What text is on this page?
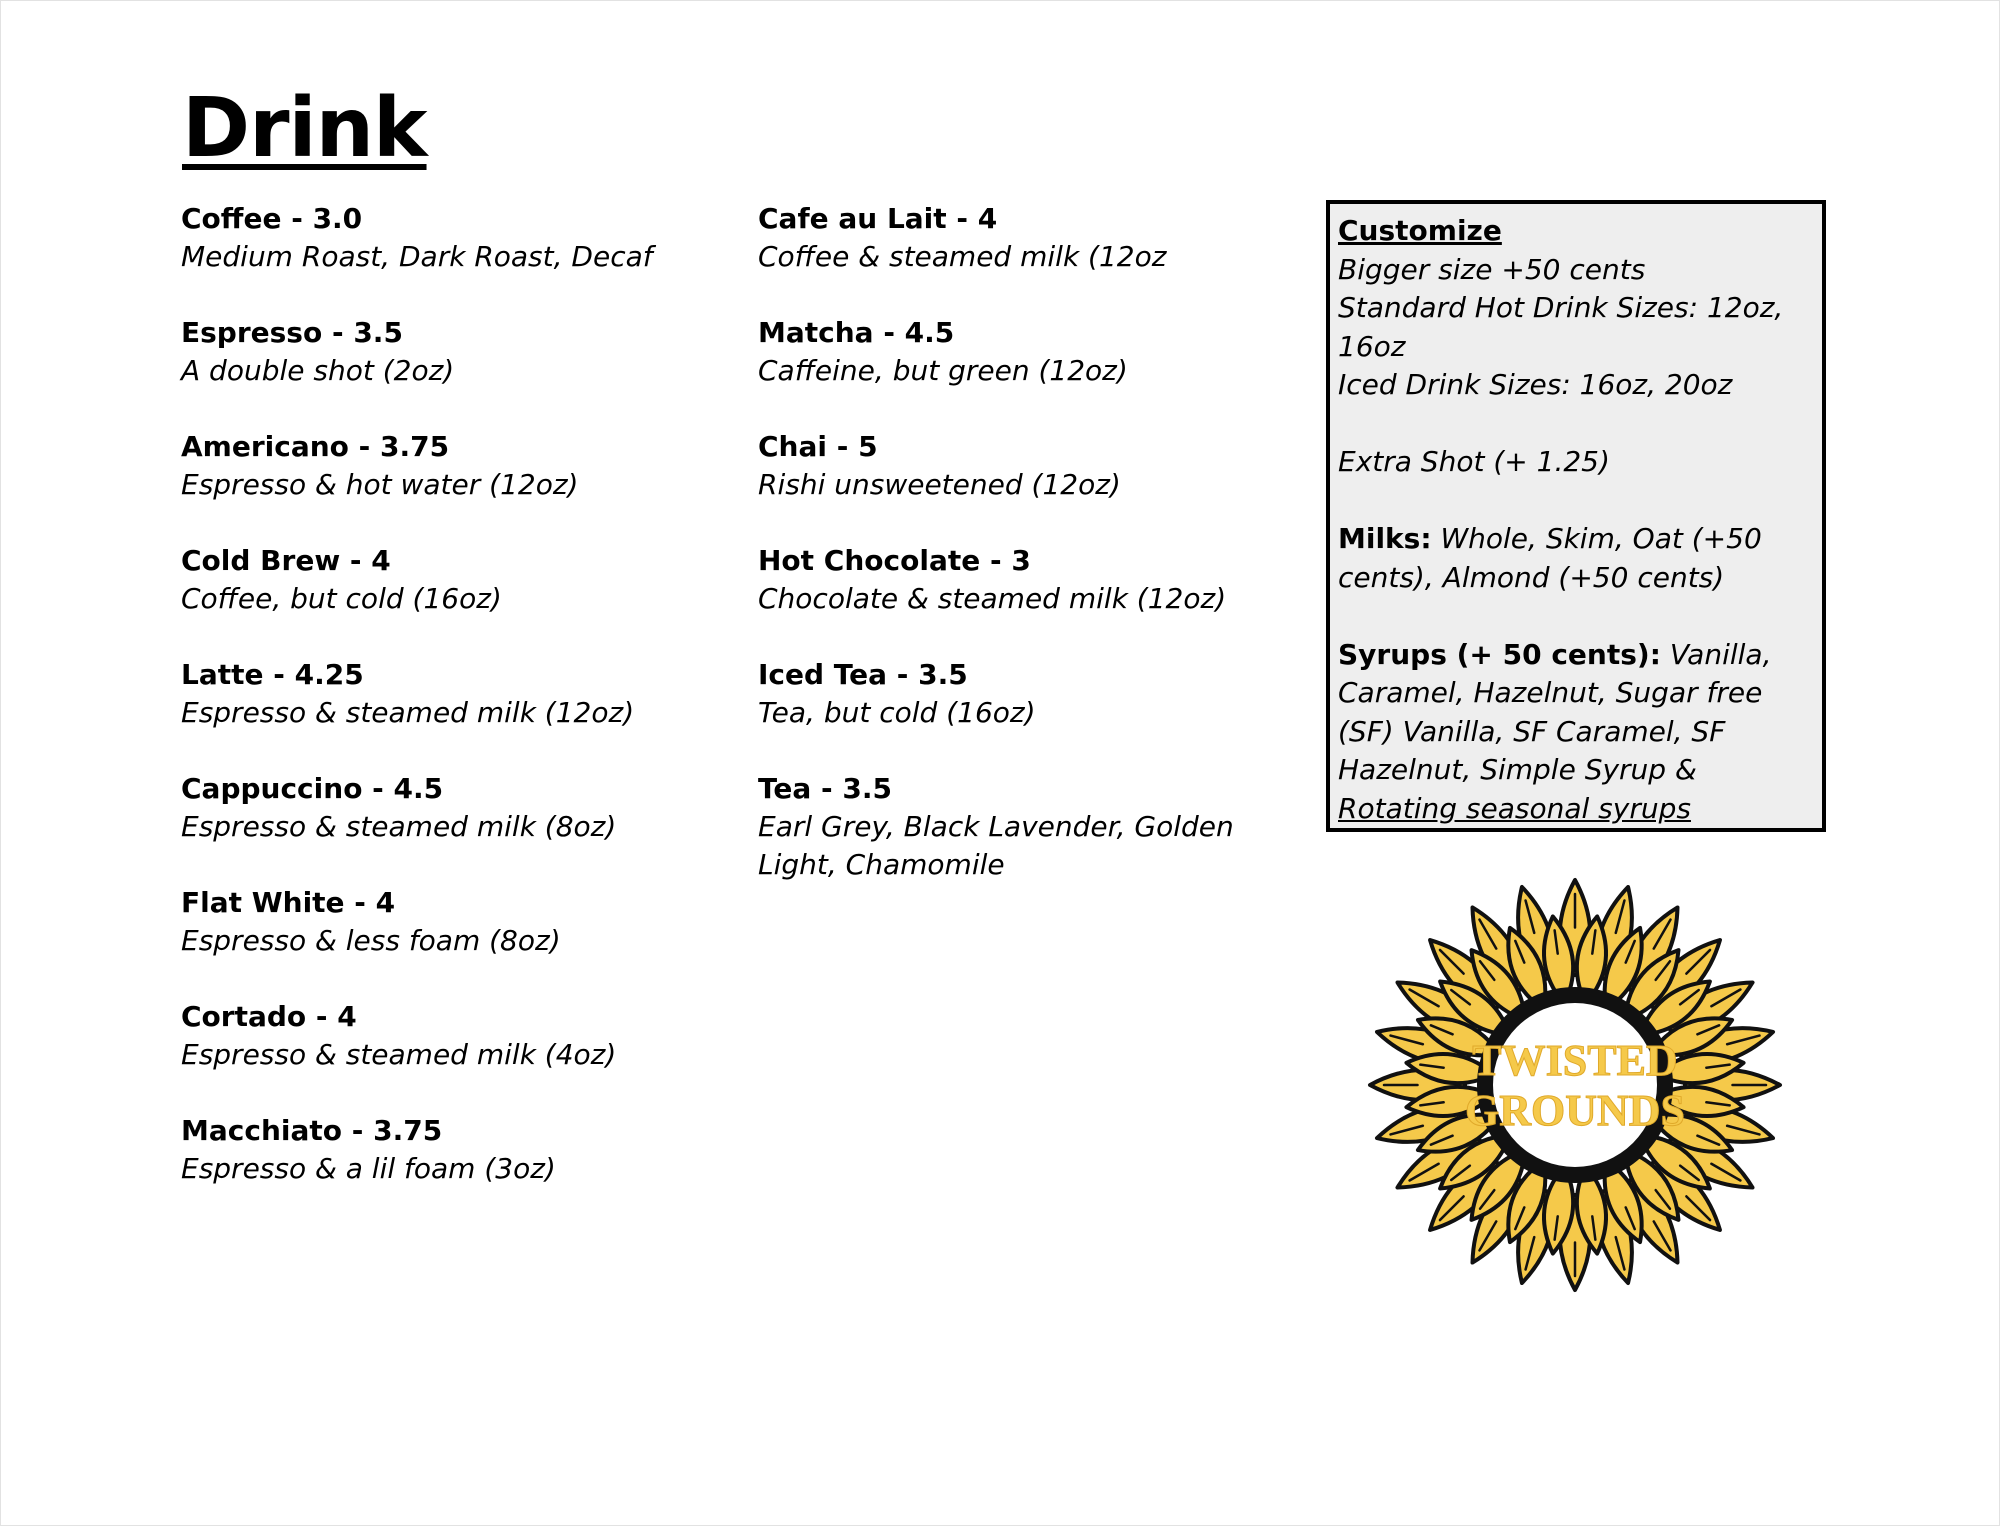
Drink
Coffee - 3.0
Medium Roast, Dark Roast, Decaf
Espresso - 3.5
A double shot (2oz)
Americano - 3.75
Espresso & hot water (12oz)
Cold Brew - 4
Coffee, but cold (16oz)
Latte - 4.25
Espresso & steamed milk (12oz)
Cappuccino - 4.5
Espresso & steamed milk (8oz)
Flat White - 4
Espresso & less foam (8oz)
Cortado - 4
Espresso & steamed milk (4oz)
Macchiato - 3.75
Espresso & a lil foam (3oz)
Cafe au Lait - 4
Coffee & steamed milk (12oz
Matcha - 4.5
Caffeine, but green (12oz)
Chai - 5
Rishi unsweetened (12oz)
Hot Chocolate - 3
Chocolate & steamed milk (12oz)
Iced Tea - 3.5
Tea, but cold (16oz)
Tea - 3.5
Earl Grey, Black Lavender, Golden Light, Chamomile
Customize
Bigger size +50 cents
Standard Hot Drink Sizes: 12oz, 16oz
Iced Drink Sizes: 16oz, 20oz
Extra Shot (+ 1.25)
Milks: Whole, Skim, Oat (+50 cents), Almond (+50 cents)
Syrups (+ 50 cents): Vanilla, Caramel, Hazelnut, Sugar free (SF) Vanilla, SF Caramel, SF Hazelnut, Simple Syrup & Rotating seasonal syrups
TWISTED
GROUNDS
